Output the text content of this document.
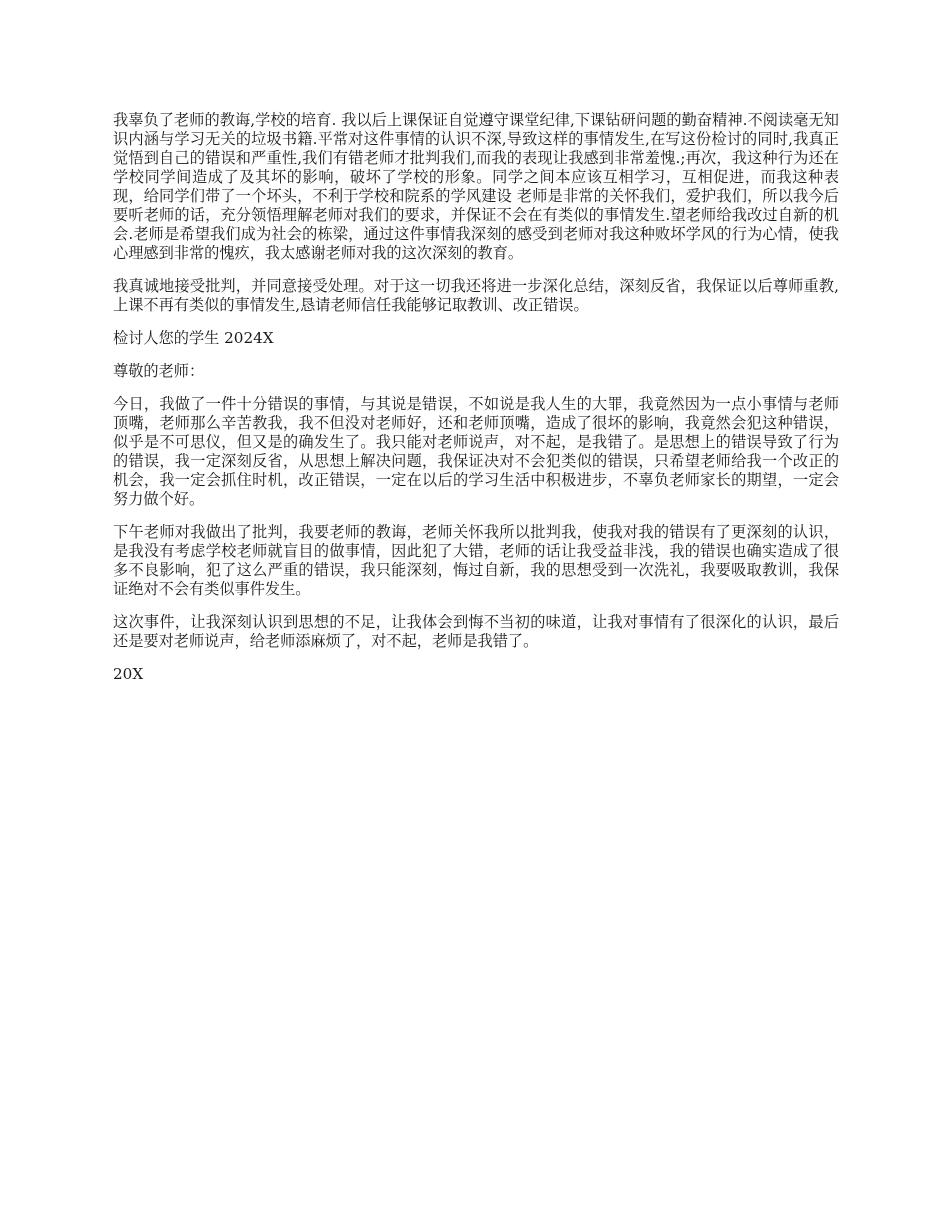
我辜负了老师的教诲,学校的培育. 我以后上课保证自觉遵守课堂纪律,下课钻研问题的勤奋精神.不阅读毫无知识内涵与学习无关的垃圾书籍.平常对这件事情的认识不深,导致这样的事情发生,在写这份检讨的同时,我真正觉悟到自己的错误和严重性,我们有错老师才批判我们,而我的表现让我感到非常羞愧.;再次，我这种行为还在学校同学间造成了及其坏的影响，破坏了学校的形象。同学之间本应该互相学习，互相促进，而我这种表现，给同学们带了一个坏头，不利于学校和院系的学风建设 老师是非常的关怀我们，爱护我们，所以我今后要听老师的话，充分领悟理解老师对我们的要求，并保证不会在有类似的事情发生.望老师给我改过自新的机会.老师是希望我们成为社会的栋梁，通过这件事情我深刻的感受到老师对我这种败坏学风的行为心情，使我心理感到非常的愧疚，我太感谢老师对我的这次深刻的教育。

我真诚地接受批判，并同意接受处理。对于这一切我还将进一步深化总结，深刻反省，我保证以后尊师重教,上课不再有类似的事情发生,恳请老师信任我能够记取教训、改正错误。

检讨人您的学生 2024X

尊敬的老师：

今日，我做了一件十分错误的事情，与其说是错误，不如说是我人生的大罪，我竟然因为一点小事情与老师顶嘴，老师那么辛苦教我，我不但没对老师好，还和老师顶嘴，造成了很坏的影响，我竟然会犯这种错误，似乎是不可思仪，但又是的确发生了。我只能对老师说声，对不起，是我错了。是思想上的错误导致了行为的错误，我一定深刻反省，从思想上解决问题，我保证决对不会犯类似的错误，只希望老师给我一个改正的机会，我一定会抓住时机，改正错误，一定在以后的学习生活中积极进步，不辜负老师家长的期望，一定会努力做个好。

下午老师对我做出了批判，我要老师的教诲，老师关怀我所以批判我，使我对我的错误有了更深刻的认识，是我没有考虑学校老师就盲目的做事情，因此犯了大错，老师的话让我受益非浅，我的错误也确实造成了很多不良影响，犯了这么严重的错误，我只能深刻，悔过自新，我的思想受到一次洗礼，我要吸取教训，我保证绝对不会有类似事件发生。

这次事件，让我深刻认识到思想的不足，让我体会到悔不当初的味道，让我对事情有了很深化的认识，最后还是要对老师说声，给老师添麻烦了，对不起，老师是我错了。

20X
